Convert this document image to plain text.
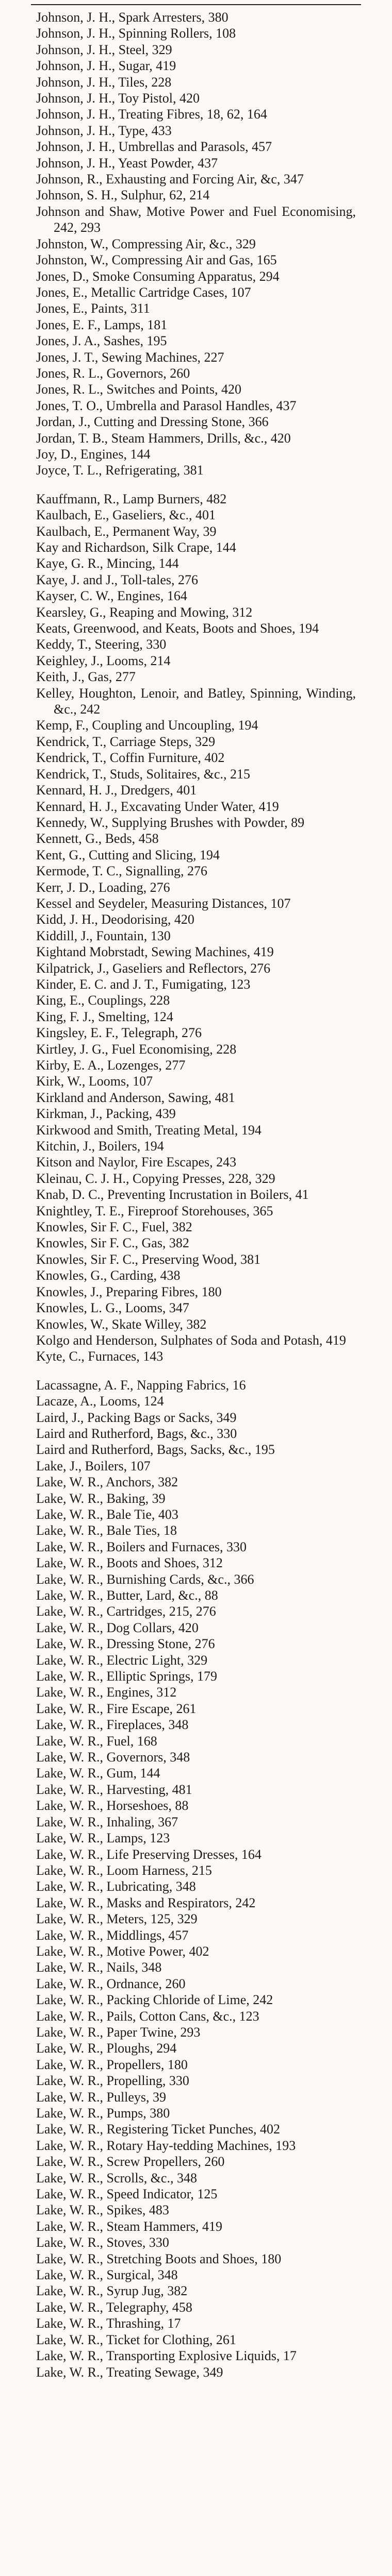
Johnson, J. H., Spark Arresters, 380

Johnson, J. H., Spinning Rollers, 108

Johnson, J. H., Steel, 329

Johnson, J. H., Sugar, 419

Johnson, J. H., Tiles, 228

Johnson, J. H., Toy Pistol, 420

Johnson, J. H., Treating Fibres, 18, 62, 164

Johnson, J. H., Type, 433

Johnson, J. H., Umbrellas and Parasols, 457

Johnson, J. H., Yeast Powder, 437

Johnson, R., Exhausting and Forcing Air, &c, 347

Johnson, S. H., Sulphur, 62, 214

Johnson and Shaw, Motive Power and Fuel Economising, 242, 293

Johnston, W., Compressing Air, &c., 329

Johnston, W., Compressing Air and Gas, 165

Jones, D., Smoke Consuming Apparatus, 294

Jones, E., Metallic Cartridge Cases, 107

Jones, E., Paints, 311

Jones, E. F., Lamps, 181

Jones, J. A., Sashes, 195

Jones, J. T., Sewing Machines, 227

Jones, R. L., Governors, 260

Jones, R. L., Switches and Points, 420

Jones, T. O., Umbrella and Parasol Handles, 437

Jordan, J., Cutting and Dressing Stone, 366

Jordan, T. B., Steam Hammers, Drills, &c., 420

Joy, D., Engines, 144

Joyce, T. L., Refrigerating, 381

Kauffmann, R., Lamp Burners, 482

Kaulbach, E., Gaseliers, &c., 401

Kaulbach, E., Permanent Way, 39

Kay and Richardson, Silk Crape, 144

Kaye, G. R., Mincing, 144

Kaye, J. and J., Toll-tales, 276

Kayser, C. W., Engines, 164

Kearsley, G., Reaping and Mowing, 312

Keats, Greenwood, and Keats, Boots and Shoes, 194

Keddy, T., Steering, 330

Keighley, J., Looms, 214

Keith, J., Gas, 277

Kelley, Houghton, Lenoir, and Batley, Spinning, Winding, &c., 242

Kemp, F., Coupling and Uncoupling, 194

Kendrick, T., Carriage Steps, 329

Kendrick, T., Coffin Furniture, 402

Kendrick, T., Studs, Solitaires, &c., 215

Kennard, H. J., Dredgers, 401

Kennard, H. J., Excavating Under Water, 419

Kennedy, W., Supplying Brushes with Powder, 89

Kennett, G., Beds, 458

Kent, G., Cutting and Slicing, 194

Kermode, T. C., Signalling, 276

Kerr, J. D., Loading, 276

Kessel and Seydeler, Measuring Distances, 107

Kidd, J. H., Deodorising, 420

Kiddill, J., Fountain, 130

Kightand Mobrstadt, Sewing Machines, 419

Kilpatrick, J., Gaseliers and Reflectors, 276

Kinder, E. C. and J. T., Fumigating, 123

King, E., Couplings, 228

King, F. J., Smelting, 124

Kingsley, E. F., Telegraph, 276

Kirtley, J. G., Fuel Economising, 228

Kirby, E. A., Lozenges, 277

Kirk, W., Looms, 107

Kirkland and Anderson, Sawing, 481

Kirkman, J., Packing, 439

Kirkwood and Smith, Treating Metal, 194

Kitchin, J., Boilers, 194

Kitson and Naylor, Fire Escapes, 243

Kleinau, C. J. H., Copying Presses, 228, 329

Knab, D. C., Preventing Incrustation in Boilers, 41

Knightley, T. E., Fireproof Storehouses, 365

Knowles, Sir F. C., Fuel, 382

Knowles, Sir F. C., Gas, 382

Knowles, Sir F. C., Preserving Wood, 381

Knowles, G., Carding, 438

Knowles, J., Preparing Fibres, 180

Knowles, L. G., Looms, 347

Knowles, W., Skate Willey, 382

Kolgo and Henderson, Sulphates of Soda and Potash, 419

Kyte, C., Furnaces, 143

Lacassagne, A. F., Napping Fabrics, 16

Lacaze, A., Looms, 124

Laird, J., Packing Bags or Sacks, 349

Laird and Rutherford, Bags, &c., 330

Laird and Rutherford, Bags, Sacks, &c., 195

Lake, J., Boilers, 107

Lake, W. R., Anchors, 382

Lake, W. R., Baking, 39

Lake, W. R., Bale Tie, 403

Lake, W. R., Bale Ties, 18

Lake, W. R., Boilers and Furnaces, 330

Lake, W. R., Boots and Shoes, 312

Lake, W. R., Burnishing Cards, &c., 366

Lake, W. R., Butter, Lard, &c., 88

Lake, W. R., Cartridges, 215, 276

Lake, W. R., Dog Collars, 420

Lake, W. R., Dressing Stone, 276

Lake, W. R., Electric Light, 329

Lake, W. R., Elliptic Springs, 179

Lake, W. R., Engines, 312

Lake, W. R., Fire Escape, 261

Lake, W. R., Fireplaces, 348

Lake, W. R., Fuel, 168

Lake, W. R., Governors, 348

Lake, W. R., Gum, 144

Lake, W. R., Harvesting, 481

Lake, W. R., Horseshoes, 88

Lake, W. R., Inhaling, 367

Lake, W. R., Lamps, 123

Lake, W. R., Life Preserving Dresses, 164

Lake, W. R., Loom Harness, 215

Lake, W. R., Lubricating, 348

Lake, W. R., Masks and Respirators, 242

Lake, W. R., Meters, 125, 329

Lake, W. R., Middlings, 457

Lake, W. R., Motive Power, 402

Lake, W. R., Nails, 348

Lake, W. R., Ordnance, 260

Lake, W. R., Packing Chloride of Lime, 242

Lake, W. R., Pails, Cotton Cans, &c., 123

Lake, W. R., Paper Twine, 293

Lake, W. R., Ploughs, 294

Lake, W. R., Propellers, 180

Lake, W. R., Propelling, 330

Lake, W. R., Pulleys, 39

Lake, W. R., Pumps, 380

Lake, W. R., Registering Ticket Punches, 402

Lake, W. R., Rotary Hay-tedding Machines, 193

Lake, W. R., Screw Propellers, 260

Lake, W. R., Scrolls, &c., 348

Lake, W. R., Speed Indicator, 125

Lake, W. R., Spikes, 483

Lake, W. R., Steam Hammers, 419

Lake, W. R., Stoves, 330

Lake, W. R., Stretching Boots and Shoes, 180

Lake, W. R., Surgical, 348

Lake, W. R., Syrup Jug, 382

Lake, W. R., Telegraphy, 458

Lake, W. R., Thrashing, 17

Lake, W. R., Ticket for Clothing, 261

Lake, W. R., Transporting Explosive Liquids, 17

Lake, W. R., Treating Sewage, 349
